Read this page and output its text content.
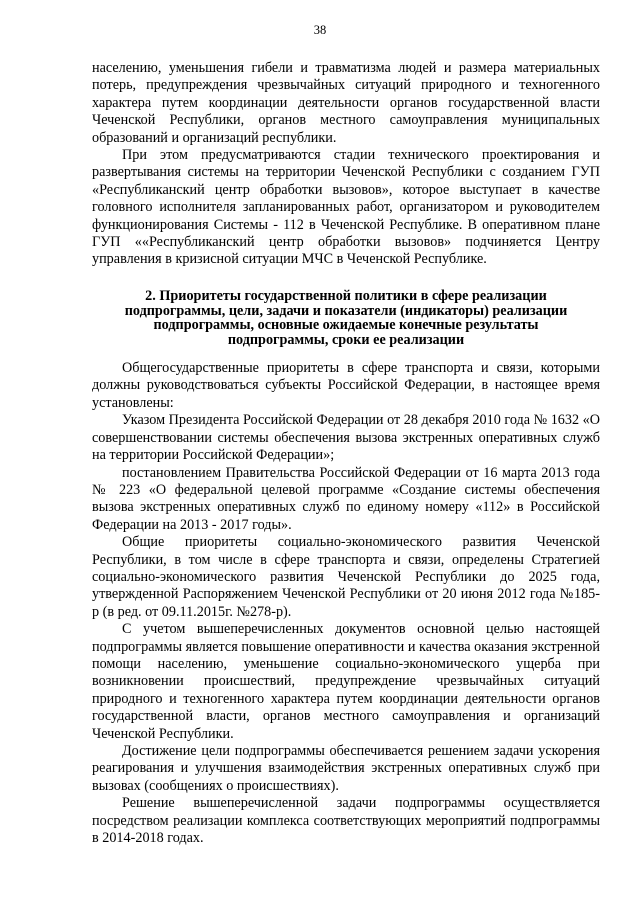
38

населению, уменьшения гибели и травматизма людей и размера материальных потерь, предупреждения чрезвычайных ситуаций природного и техногенного характера путем координации деятельности органов государственной власти Чеченской Республики, органов местного самоуправления муниципальных образований и организаций республики.

При этом предусматриваются стадии технического проектирования и развертывания системы на территории Чеченской Республики с созданием ГУП «Республиканский центр обработки вызовов», которое выступает в качестве головного исполнителя запланированных работ, организатором и руководителем функционирования Системы - 112 в Чеченской Республике. В оперативном плане ГУП ««Республиканский центр обработки вызовов» подчиняется Центру управления в кризисной ситуации МЧС в Чеченской Республике.

2. Приоритеты государственной политики в сфере реализации
подпрограммы, цели, задачи и показатели (индикаторы) реализации
подпрограммы, основные ожидаемые конечные результаты
подпрограммы, сроки ее реализации

Общегосударственные приоритеты в сфере транспорта и связи, которыми должны руководствоваться субъекты Российской Федерации, в настоящее время установлены:

Указом Президента Российской Федерации от 28 декабря 2010 года № 1632 «О совершенствовании системы обеспечения вызова экстренных оперативных служб на территории Российской Федерации»;

постановлением Правительства Российской Федерации от 16 марта 2013 года № 223 «О федеральной целевой программе «Создание системы обеспечения вызова экстренных оперативных служб по единому номеру «112» в Российской Федерации на 2013 - 2017 годы».

Общие приоритеты социально-экономического развития Чеченской Республики, в том числе в сфере транспорта и связи, определены Стратегией социально-экономического развития Чеченской Республики до 2025 года, утвержденной Распоряжением Чеченской Республики от 20 июня 2012 года №185-р (в ред. от 09.11.2015г. №278-р).

С учетом вышеперечисленных документов основной целью настоящей подпрограммы является повышение оперативности и качества оказания экстренной помощи населению, уменьшение социально-экономического ущерба при возникновении происшествий, предупреждение чрезвычайных ситуаций природного и техногенного характера путем координации деятельности органов государственной власти, органов местного самоуправления и организаций Чеченской Республики.

Достижение цели подпрограммы обеспечивается решением задачи ускорения реагирования и улучшения взаимодействия экстренных оперативных служб при вызовах (сообщениях о происшествиях).

Решение вышеперечисленной задачи подпрограммы осуществляется посредством реализации комплекса соответствующих мероприятий подпрограммы в 2014-2018 годах.
